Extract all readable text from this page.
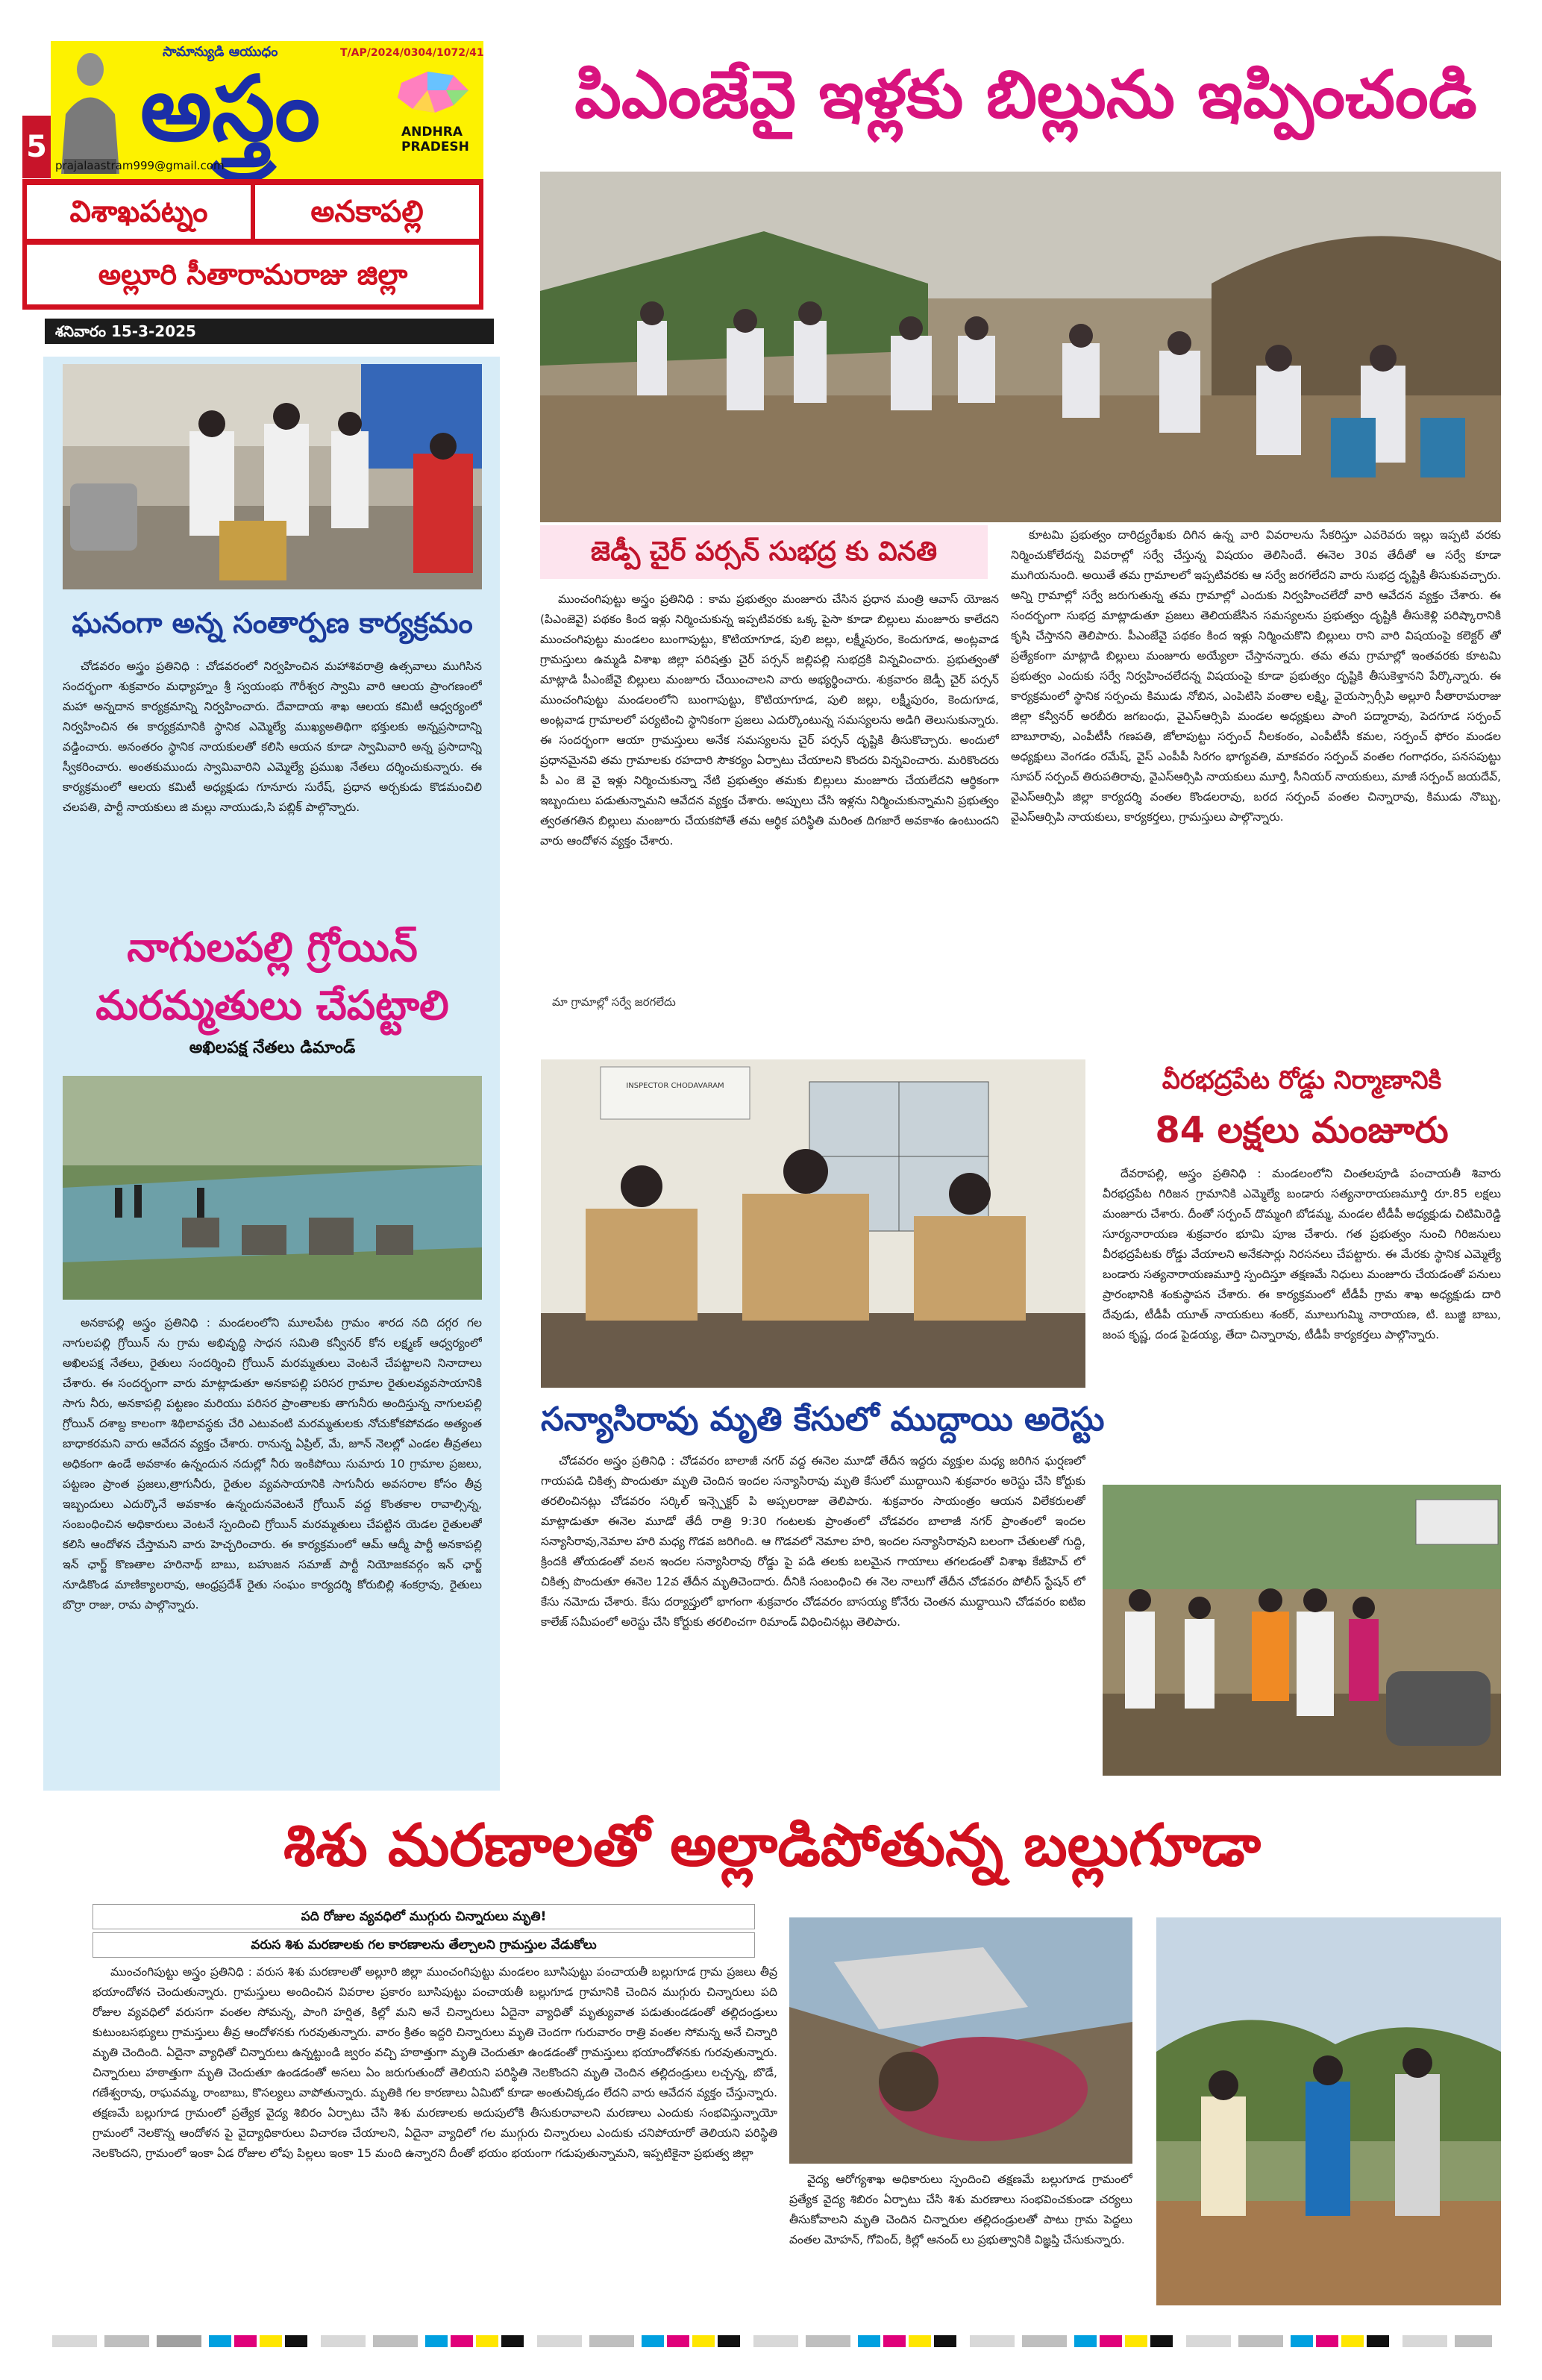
5
సామాన్యుడి ఆయుధం	T/AP/2024/0304/1072/41
అస్త్రం	ANDHRA PRADESH
prajalaastram999@gmail.com
విశాఖపట్నం	అనకాపల్లి
అల్లూరి సీతారామరాజు జిల్లా
శనివారం 15-3-2025
పిఎంజేవై ఇళ్లకు బిల్లును ఇప్పించండి
జెడ్పీ చైర్ పర్సన్ సుభద్ర కు వినతి

ముంచంగిపుట్టు అస్త్రం ప్రతినిధి : కామ ప్రభుత్వం మంజూరు చేసిన ప్రధాన మంత్రి ఆవాస్ యోజన (పిఎంజెవై) పథకం కింద ఇళ్లు నిర్మించుకున్న ఇప్పటివరకు ఒక్క పైసా కూడా బిల్లులు మంజూరు కాలేదని ముంచంగిపుట్టు మండలం బుంగాపుట్టు, కొటియాగూడ, పులి జల్లు, లక్ష్మీపురం, కెందుగూడ, అంట్లవాడ గ్రామస్తులు ఉమ్మడి విశాఖ జిల్లా పరిషత్తు చైర్ పర్సన్ జల్లిపల్లి సుభద్రకి విన్నవించారు. ప్రభుత్వంతో మాట్లాడి పీఎంజేవై బిల్లులు మంజూరు చేయించాలని వారు అభ్యర్థించారు. శుక్రవారం జెడ్పీ చైర్ పర్సన్ ముంచంగిపుట్టు మండలంలోని బుంగాపుట్టు, కొటియాగూడ, పులి జల్లు, లక్ష్మీపురం, కెందుగూడ, అంట్లవాడ గ్రామాలలో పర్యటించి స్థానికంగా ప్రజలు ఎదుర్కొంటున్న సమస్యలను అడిగి తెలుసుకున్నారు. ఈ సందర్భంగా ఆయా గ్రామస్తులు అనేక సమస్యలను చైర్ పర్సన్ దృష్టికి తీసుకొచ్చారు. అందులో ప్రధానమైనవి తమ గ్రామాలకు రహదారి సౌకర్యం ఏర్పాటు చేయాలని కొందరు విన్నవించారు. మరికొందరు పీ ఎం జె వై ఇళ్లు నిర్మించుకున్నా నేటి ప్రభుత్వం తమకు బిల్లులు మంజూరు చేయలేదని ఆర్థికంగా ఇబ్బందులు పడుతున్నామని ఆవేదన వ్యక్తం చేశారు. అప్పులు చేసి ఇళ్లను నిర్మించుకున్నామని ప్రభుత్వం త్వరతగతిన బిల్లులు మంజూరు చేయకపోతే తమ ఆర్థిక పరిస్థితి మరింత దిగజారే అవకాశం ఉంటుందని వారు ఆందోళన వ్యక్తం చేశారు.

మా గ్రామాల్లో సర్వే జరగలేదు

కూటమి ప్రభుత్వం దారిద్ర్యరేఖకు దిగిన ఉన్న వారి వివరాలను సేకరిస్తూ ఎవరెవరు ఇల్లు ఇప్పటి వరకు నిర్మించుకోలేదన్న వివరాల్లో సర్వే చేస్తున్న విషయం తెలిసిందే. ఈనెల 30వ తేదీతో ఆ సర్వే కూడా ముగియనుంది. అయితే తమ గ్రామాలలో ఇప్పటివరకు ఆ సర్వే జరగలేదని వారు సుభద్ర దృష్టికి తీసుకువచ్చారు. అన్ని గ్రామాల్లో సర్వే జరుగుతున్న తమ గ్రామాల్లో ఎందుకు నిర్వహించలేదో వారి ఆవేదన వ్యక్తం చేశారు. ఈ సందర్భంగా సుభద్ర మాట్లాడుతూ ప్రజలు తెలియజేసిన సమస్యలను ప్రభుత్వం దృష్టికి తీసుకెళ్లి పరిష్కారానికి కృషి చేస్తానని తెలిపారు. పీఎంజేవై పథకం కింద ఇళ్లు నిర్మించుకొని బిల్లులు రాని వారి విషయంపై కలెక్టర్ తో ప్రత్యేకంగా మాట్లాడి బిల్లులు మంజూరు అయ్యేలా చేస్తానన్నారు. తమ తమ గ్రామాల్లో ఇంతవరకు కూటమి ప్రభుత్వం ఎందుకు సర్వే నిర్వహించలేదన్న విషయంపై కూడా ప్రభుత్వం దృష్టికి తీసుకెళ్తానని పేర్కొన్నారు. ఈ కార్యక్రమంలో స్థానిక సర్పంచు కిముడు నోబిన, ఎంపిటిసి వంతాల లక్ష్మి, వైయస్సార్సీపి అల్లూరి సీతారామరాజు జిల్లా కన్వీనర్ అరబీరు జగబంధు, వైఎస్ఆర్సిపి మండల అధ్యక్షులు పాంగి పద్మారావు, పెదగూడ సర్పంచ్ బాబూరావు, ఎంపీటీసీ గణపతి, జోలాపుట్టు సర్పంచ్ నీలకంఠం, ఎంపీటీసీ కమల, సర్పంచ్ ఫోరం మండల అధ్యక్షులు వెంగడం రమేష్, వైస్ ఎంపీపీ సిరగం భాగ్యవతి, మాకవరం సర్పంచ్ వంతల గంగాధరం, పనసపుట్టు సూపర్ సర్పంచ్ తిరుపతిరావు, వైఎస్ఆర్సిపి నాయకులు మూర్తి, సీనియర్ నాయకులు, మాజీ సర్పంచ్ జయదేవ్, వైఎస్ఆర్సిపి జిల్లా కార్యదర్శి వంతల కొండలరావు, బరద సర్పంచ్ వంతల చిన్నారావు, కిముడు నొబ్బు, వైఎస్ఆర్సిపి నాయకులు, కార్యకర్తలు, గ్రామస్తులు పాల్గొన్నారు.

ఘనంగా అన్న సంతార్పణ కార్యక్రమం

చోడవరం అస్త్రం ప్రతినిధి : చోడవరంలో నిర్వహించిన మహాశివరాత్రి ఉత్సవాలు ముగిసిన సందర్భంగా శుక్రవారం మధ్యాహ్నం శ్రీ స్వయంభు గౌరీశ్వర స్వామి వారి ఆలయ ప్రాంగణంలో మహా అన్నదాన కార్యక్రమాన్ని నిర్వహించారు. దేవాదాయ శాఖ ఆలయ కమిటీ ఆధ్వర్యంలో నిర్వహించిన ఈ కార్యక్రమానికి స్థానిక ఎమ్మెల్యే ముఖ్యఅతిథిగా భక్తులకు అన్నప్రసాదాన్ని వడ్డించారు. అనంతరం స్థానిక నాయకులతో కలిసి ఆయన కూడా స్వామివారి అన్న ప్రసాదాన్ని స్వీకరించారు. అంతకుముందు స్వామివారిని ఎమ్మెల్యే ప్రముఖ నేతలు దర్శించుకున్నారు. ఈ కార్యక్రమంలో ఆలయ కమిటీ అధ్యక్షుడు గూనూరు సురేష్, ప్రధాన అర్చకుడు కొడమంచిలి చలపతి, పార్టీ నాయకులు జి మల్లు నాయుడు,సి పబ్లిక్ పాల్గొన్నారు.

నాగులపల్లి గ్రోయిన్
మరమ్మతులు చేపట్టాలి
అఖిలపక్ష నేతలు డిమాండ్

అనకాపల్లి అస్త్రం ప్రతినిధి : మండలంలోని మూలపేట గ్రామం శారద నది దగ్గర గల నాగులపల్లి గ్రోయిన్ ను గ్రామ అభివృద్ధి సాధన సమితి కన్వీనర్ కోన లక్ష్మణ్ ఆధ్వర్యంలో అఖిలపక్ష నేతలు, రైతులు సందర్శించి గ్రోయిన్ మరమ్మతులు వెంటనే చేపట్టాలని నినాదాలు చేశారు. ఈ సందర్భంగా వారు మాట్లాడుతూ అనకాపల్లి పరిసర గ్రామాల రైతులవ్యవసాయానికి సాగు నీరు, అనకాపల్లి పట్టణం మరియు పరిసర ప్రాంతాలకు తాగునీరు అందిస్తున్న నాగులపల్లి గ్రోయిన్ దశాబ్ద కాలంగా శిథిలావస్థకు చేరి ఎటువంటి మరమ్మతులకు నోచుకోకపోవడం అత్యంత బాధాకరమని వారు ఆవేదన వ్యక్తం చేశారు. రానున్న ఏప్రిల్, మే, జూన్ నెలల్లో ఎండల తీవ్రతలు అధికంగా ఉండే అవకాశం ఉన్నందున నదుల్లో నీరు ఇంకిపోయి సుమారు 10 గ్రామాల ప్రజలు, పట్టణం ప్రాంత ప్రజలు,త్రాగునీరు, రైతుల వ్యవసాయానికి సాగునీరు అవసరాల కోసం తీవ్ర ఇబ్బందులు ఎదుర్కొనే అవకాశం ఉన్నందునవెంటనే గ్రోయిన్ వద్ద కొంతకాల రావాల్సిన్న, సంబంధించిన అధికారులు వెంటనే స్పందించి గ్రోయిన్ మరమ్మతులు చేపట్టిన యెడల రైతులతో కలిసి ఆందోళన చేస్తామని వారు హెచ్చరించారు. ఈ కార్యక్రమంలో ఆమ్ ఆద్మీ పార్టీ అనకాపల్లి ఇన్ ఛార్జ్ కొణతాల హరినాథ్ బాబు, బహుజన సమాజ్ పార్టీ నియోజకవర్గం ఇన్ ఛార్జ్ నూడికొండ మాణిక్యాలరావు, ఆంధ్రప్రదేశ్ రైతు సంఘం కార్యదర్శి కోరుబిల్లి శంకర్రావు, రైతులు బొర్రా రాజు, రామ పాల్గొన్నారు.

INSPECTOR CHODAVARAM
సన్యాసిరావు మృతి కేసులో ముద్దాయి అరెస్టు

చోడవరం అస్త్రం ప్రతినిధి : చోడవరం బాలాజీ నగర్ వద్ద ఈనెల మూడో తేదీన ఇద్దరు వ్యక్తుల మధ్య జరిగిన ఘర్షణలో గాయపడి చికిత్స పొందుతూ మృతి చెందిన ఇందల సన్యాసిరావు మృతి కేసులో ముద్దాయిని శుక్రవారం అరెస్టు చేసి కోర్టుకు తరలించినట్లు చోడవరం సర్కిల్ ఇన్స్పెక్టర్ పి అప్పలరాజు తెలిపారు. శుక్రవారం సాయంత్రం ఆయన విలేకరులతో మాట్లాడుతూ ఈనెల మూడో తేదీ రాత్రి 9:30 గంటలకు ప్రాంతంలో చోడవరం బాలాజీ నగర్ ప్రాంతంలో ఇందల సన్యాసిరావు,నెమాల హరి మధ్య గొడవ జరిగింది. ఆ గొడవలో నెమాల హరి, ఇందల సన్యాసిరావుని బలంగా చేతులతో గుద్ది, క్రిందకి తోయడంతో వలన ఇందల సన్యాసిరావు రోడ్డు పై పడి తలకు బలమైన గాయాలు తగలడంతో విశాఖ కేజీహెచ్ లో చికిత్స పొందుతూ ఈనెల 12వ తేదీన మృతిచెందారు. దీనికి సంబంధించి ఈ నెల నాలుగో తేదీన చోడవరం పోలీస్ స్టేషన్ లో కేసు నమోదు చేశారు. కేసు దర్యాప్తులో భాగంగా శుక్రవారం చోడవరం బాసయ్య కోనేరు చెంతన ముద్దాయిని చోడవరం ఐటిఐ కాలేజ్ సమీపంలో అరెస్టు చేసి కోర్టుకు తరలించగా రిమాండ్ విధించినట్లు తెలిపారు.

వీరభద్రపేట రోడ్డు నిర్మాణానికి
84 లక్షలు మంజూరు

దేవరాపల్లి, అస్త్రం ప్రతినిధి : మండలంలోని చింతలపూడి పంచాయతీ శివారు వీరభద్రపేట గిరిజన గ్రామానికి ఎమ్మెల్యే బండారు సత్యనారాయణమూర్తి రూ.85 లక్షలు మంజూరు చేశారు. దీంతో సర్పంచ్ దొమ్మంగి బోడమ్మ, మండల టీడీపీ అధ్యక్షుడు చిటిమిరెడ్డి సూర్యనారాయణ శుక్రవారం భూమి పూజ చేశారు. గత ప్రభుత్వం నుంచి గిరిజనులు వీరభద్రపేటకు రోడ్డు వేయాలని అనేకసార్లు నిరసనలు చేపట్టారు. ఈ మేరకు స్థానిక ఎమ్మెల్యే బండారు సత్యనారాయణమూర్తి స్పందిస్తూ తక్షణమే నిధులు మంజూరు చేయడంతో పనులు ప్రారంభానికి శంకుస్థాపన చేశారు. ఈ కార్యక్రమంలో టీడీపీ గ్రామ శాఖ అధ్యక్షుడు దారి దేవుడు, టీడీపీ యూత్ నాయకులు శంకర్, మూలుగుమ్మి నారాయణ, టి. బుజ్జి బాబు, జంప కృష్ణ, దండ పైడయ్య, తేదా చిన్నారావు, టీడీపీ కార్యకర్తలు పాల్గొన్నారు.

శిశు మరణాలతో అల్లాడిపోతున్న బల్లుగూడా
పది రోజుల వ్యవధిలో ముగ్గురు చిన్నారులు మృతి!
వరుస శిశు మరణాలకు గల కారణాలను తేల్చాలని గ్రామస్తుల వేడుకోలు

ముంచంగిపుట్టు అస్త్రం ప్రతినిధి : వరుస శిశు మరణాలతో అల్లూరి జిల్లా ముంచంగిపుట్టు మండలం బూసిపుట్టు పంచాయతీ బల్లుగూడ గ్రామ ప్రజలు తీవ్ర భయాందోళన చెందుతున్నారు. గ్రామస్తులు అందించిన వివరాల ప్రకారం బూసిపుట్టు పంచాయతీ బల్లుగూడ గ్రామానికి చెందిన ముగ్గురు చిన్నారులు పది రోజుల వ్యవధిలో వరుసగా వంతల సోమన్న, పాంగి హర్షిత, కిల్లో మని అనే చిన్నారులు ఏదైనా వ్యాధితో మృత్యువాత పడుతుండడంతో తల్లిదండ్రులు కుటుంబసభ్యులు గ్రామస్తులు తీవ్ర ఆందోళనకు గురవుతున్నారు. వారం క్రితం ఇద్దరి చిన్నారులు మృతి చెందగా గురువారం రాత్రి వంతల సోమన్న అనే చిన్నారి మృతి చెందింది. ఏదైనా వ్యాధితో చిన్నారులు ఉన్నట్టుండి జ్వరం వచ్చి హఠాత్తుగా మృతి చెందుతూ ఉండడంతో గ్రామస్తులు భయాందోళనకు గురవుతున్నారు. చిన్నారులు హఠాత్తుగా మృతి చెందుతూ ఉండడంతో అసలు ఏం జరుగుతుందో తెలియని పరిస్థితి నెలకొందని మృతి చెందిన తల్లిదండ్రులు లచ్చన్న, బొడే, గణేశ్వరావు, రాఘవమ్మ, రాంబాబు, కొసల్యలు వాపోతున్నారు. మృతికి గల కారణాలు ఏమిటో కూడా అంతుచిక్కడం లేదని వారు ఆవేదన వ్యక్తం చేస్తున్నారు. తక్షణమే బల్లుగూడ గ్రామంలో ప్రత్యేక వైద్య శిబిరం ఏర్పాటు చేసి శిశు మరణాలకు అదుపులోకి తీసుకురావాలని మరణాలు ఎందుకు సంభవిస్తున్నాయో గ్రామంలో నెలకొన్న ఆందోళన పై వైద్యాధికారులు విచారణ చేయాలని, ఏదైనా వ్యాధిలో గల ముగ్గురు చిన్నారులు ఎందుకు చనిపోయారో తెలియని పరిస్థితి నెలకొందని, గ్రామంలో ఇంకా ఏడ రోజుల లోపు పిల్లలు ఇంకా 15 మంది ఉన్నారని దీంతో భయం భయంగా గడుపుతున్నామని, ఇప్పటికైనా ప్రభుత్వ జిల్లా

వైద్య ఆరోగ్యశాఖ అధికారులు స్పందించి తక్షణమే బల్లుగూడ గ్రామంలో ప్రత్యేక వైద్య శిబిరం ఏర్పాటు చేసి శిశు మరణాలు సంభవించకుండా చర్యలు తీసుకోవాలని మృతి చెందిన చిన్నారుల తల్లిదండ్రులతో పాటు గ్రామ పెద్దలు వంతల మోహన్, గోవింద్, కిల్లో ఆనంద్ లు ప్రభుత్వానికి విజ్ఞప్తి చేసుకున్నారు.
